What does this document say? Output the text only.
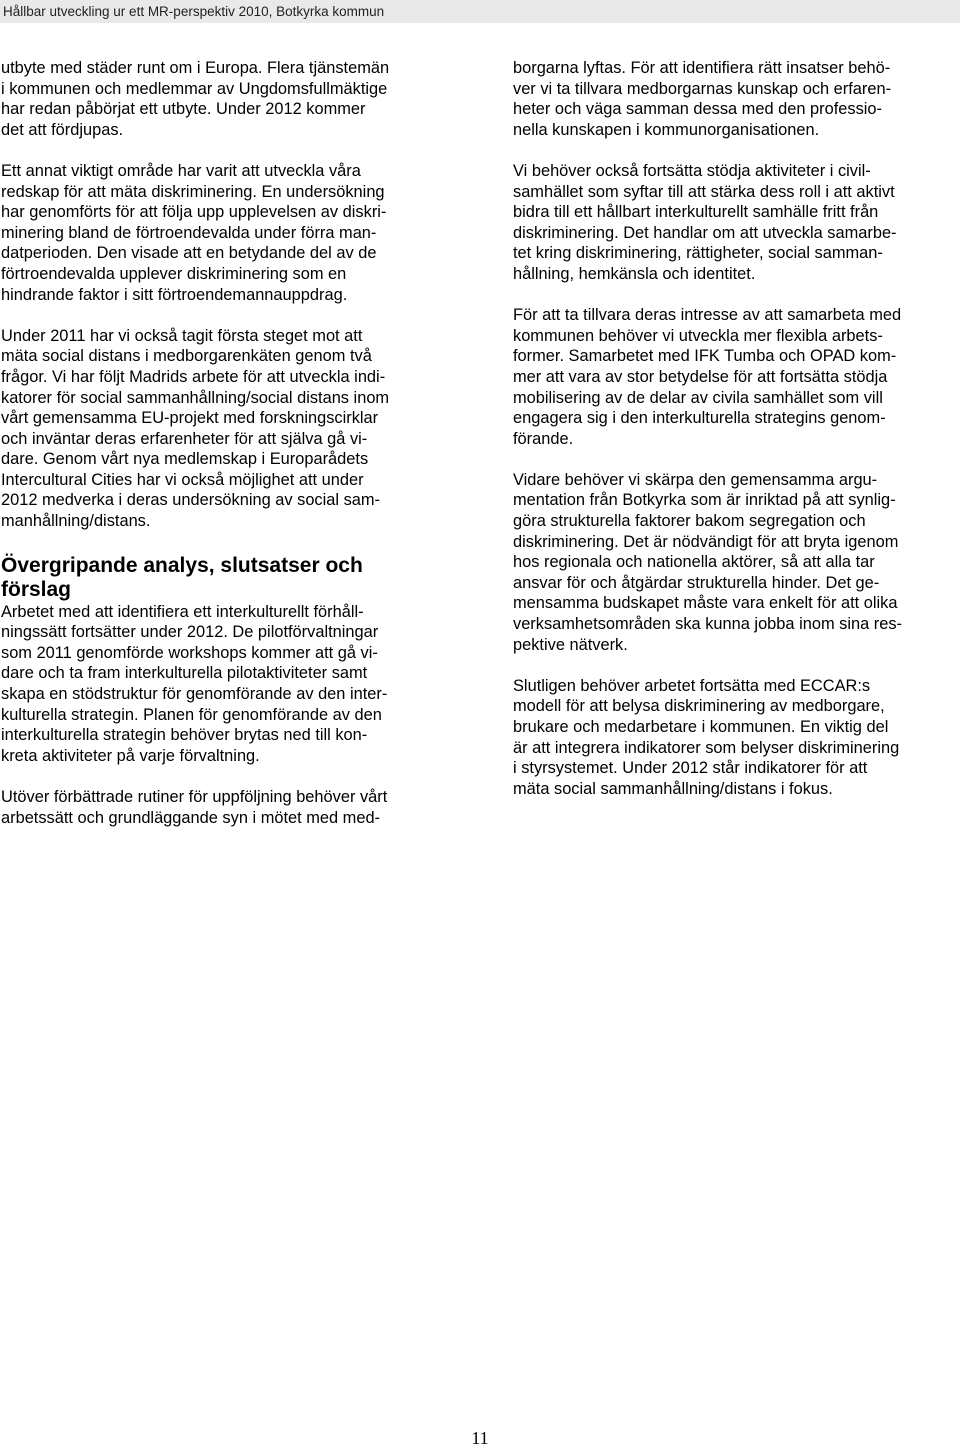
Hållbar utveckling ur ett MR-perspektiv 2010, Botkyrka kommun

utbyte med städer runt om i Europa. Flera tjänstemän
i kommunen och medlemmar av Ungdomsfullmäktige
har redan påbörjat ett utbyte. Under 2012 kommer
det att fördjupas.

Ett annat viktigt område har varit att utveckla våra
redskap för att mäta diskriminering. En undersökning
har genomförts för att följa upp upplevelsen av diskri-
minering bland de förtroendevalda under förra man-
datperioden. Den visade att en betydande del av de
förtroendevalda upplever diskriminering som en
hindrande faktor i sitt förtroendemannauppdrag.

Under 2011 har vi också tagit första steget mot att
mäta social distans i medborgarenkäten genom två
frågor. Vi har följt Madrids arbete för att utveckla indi-
katorer för social sammanhållning/social distans inom
vårt gemensamma EU-projekt med forskningscirklar
och inväntar deras erfarenheter för att själva gå vi-
dare. Genom vårt nya medlemskap i Europarådets
Intercultural Cities har vi också möjlighet att under
2012 medverka i deras undersökning av social sam-
manhållning/distans.

Övergripande analys, slutsatser och
förslag

Arbetet med att identifiera ett interkulturellt förhåll-
ningssätt fortsätter under 2012. De pilotförvaltningar
som 2011 genomförde workshops kommer att gå vi-
dare och ta fram interkulturella pilotaktiviteter samt
skapa en stödstruktur för genomförande av den inter-
kulturella strategin. Planen för genomförande av den
interkulturella strategin behöver brytas ned till kon-
kreta aktiviteter på varje förvaltning.

Utöver förbättrade rutiner för uppföljning behöver vårt
arbetssätt och grundläggande syn i mötet med med-

borgarna lyftas. För att identifiera rätt insatser behö-
ver vi ta tillvara medborgarnas kunskap och erfaren-
heter och väga samman dessa med den professio-
nella kunskapen i kommunorganisationen.

Vi behöver också fortsätta stödja aktiviteter i civil-
samhället som syftar till att stärka dess roll i att aktivt
bidra till ett hållbart interkulturellt samhälle fritt från
diskriminering. Det handlar om att utveckla samarbe-
tet kring diskriminering, rättigheter, social samman-
hållning, hemkänsla och identitet.

För att ta tillvara deras intresse av att samarbeta med
kommunen behöver vi utveckla mer flexibla arbets-
former. Samarbetet med IFK Tumba och OPAD kom-
mer att vara av stor betydelse för att fortsätta stödja
mobilisering av de delar av civila samhället som vill
engagera sig i den interkulturella strategins genom-
förande.

Vidare behöver vi skärpa den gemensamma argu-
mentation från Botkyrka som är inriktad på att synlig-
göra strukturella faktorer bakom segregation och
diskriminering. Det är nödvändigt för att bryta igenom
hos regionala och nationella aktörer, så att alla tar
ansvar för och åtgärdar strukturella hinder. Det ge-
mensamma budskapet måste vara enkelt för att olika
verksamhetsområden ska kunna jobba inom sina res-
pektive nätverk.

Slutligen behöver arbetet fortsätta med ECCAR:s
modell för att belysa diskriminering av medborgare,
brukare och medarbetare i kommunen. En viktig del
är att integrera indikatorer som belyser diskriminering
i styrsystemet. Under 2012 står indikatorer för att
mäta social sammanhållning/distans i fokus.

11
